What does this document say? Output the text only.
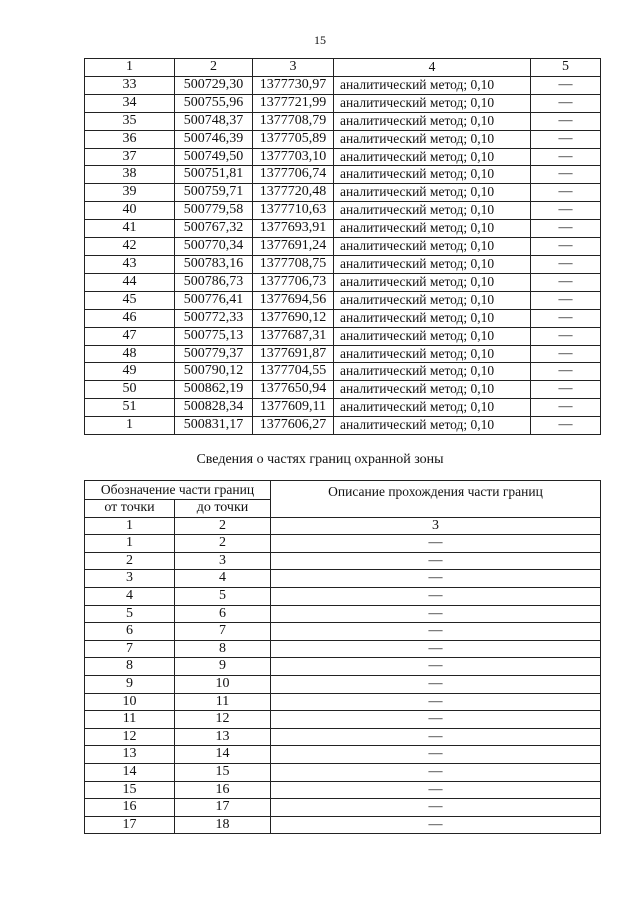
15
1	2	3	4	5
33	500729,30	1377730,97	аналитический метод; 0,10	—
34	500755,96	1377721,99	аналитический метод; 0,10	—
35	500748,37	1377708,79	аналитический метод; 0,10	—
36	500746,39	1377705,89	аналитический метод; 0,10	—
37	500749,50	1377703,10	аналитический метод; 0,10	—
38	500751,81	1377706,74	аналитический метод; 0,10	—
39	500759,71	1377720,48	аналитический метод; 0,10	—
40	500779,58	1377710,63	аналитический метод; 0,10	—
41	500767,32	1377693,91	аналитический метод; 0,10	—
42	500770,34	1377691,24	аналитический метод; 0,10	—
43	500783,16	1377708,75	аналитический метод; 0,10	—
44	500786,73	1377706,73	аналитический метод; 0,10	—
45	500776,41	1377694,56	аналитический метод; 0,10	—
46	500772,33	1377690,12	аналитический метод; 0,10	—
47	500775,13	1377687,31	аналитический метод; 0,10	—
48	500779,37	1377691,87	аналитический метод; 0,10	—
49	500790,12	1377704,55	аналитический метод; 0,10	—
50	500862,19	1377650,94	аналитический метод; 0,10	—
51	500828,34	1377609,11	аналитический метод; 0,10	—
1	500831,17	1377606,27	аналитический метод; 0,10	—
Сведения о частях границ охранной зоны
Обозначение части границ		Описание прохождения части границ
от точки	до точки	
1	2	3
1	2	—
2	3	—
3	4	—
4	5	—
5	6	—
6	7	—
7	8	—
8	9	—
9	10	—
10	11	—
11	12	—
12	13	—
13	14	—
14	15	—
15	16	—
16	17	—
17	18	—
